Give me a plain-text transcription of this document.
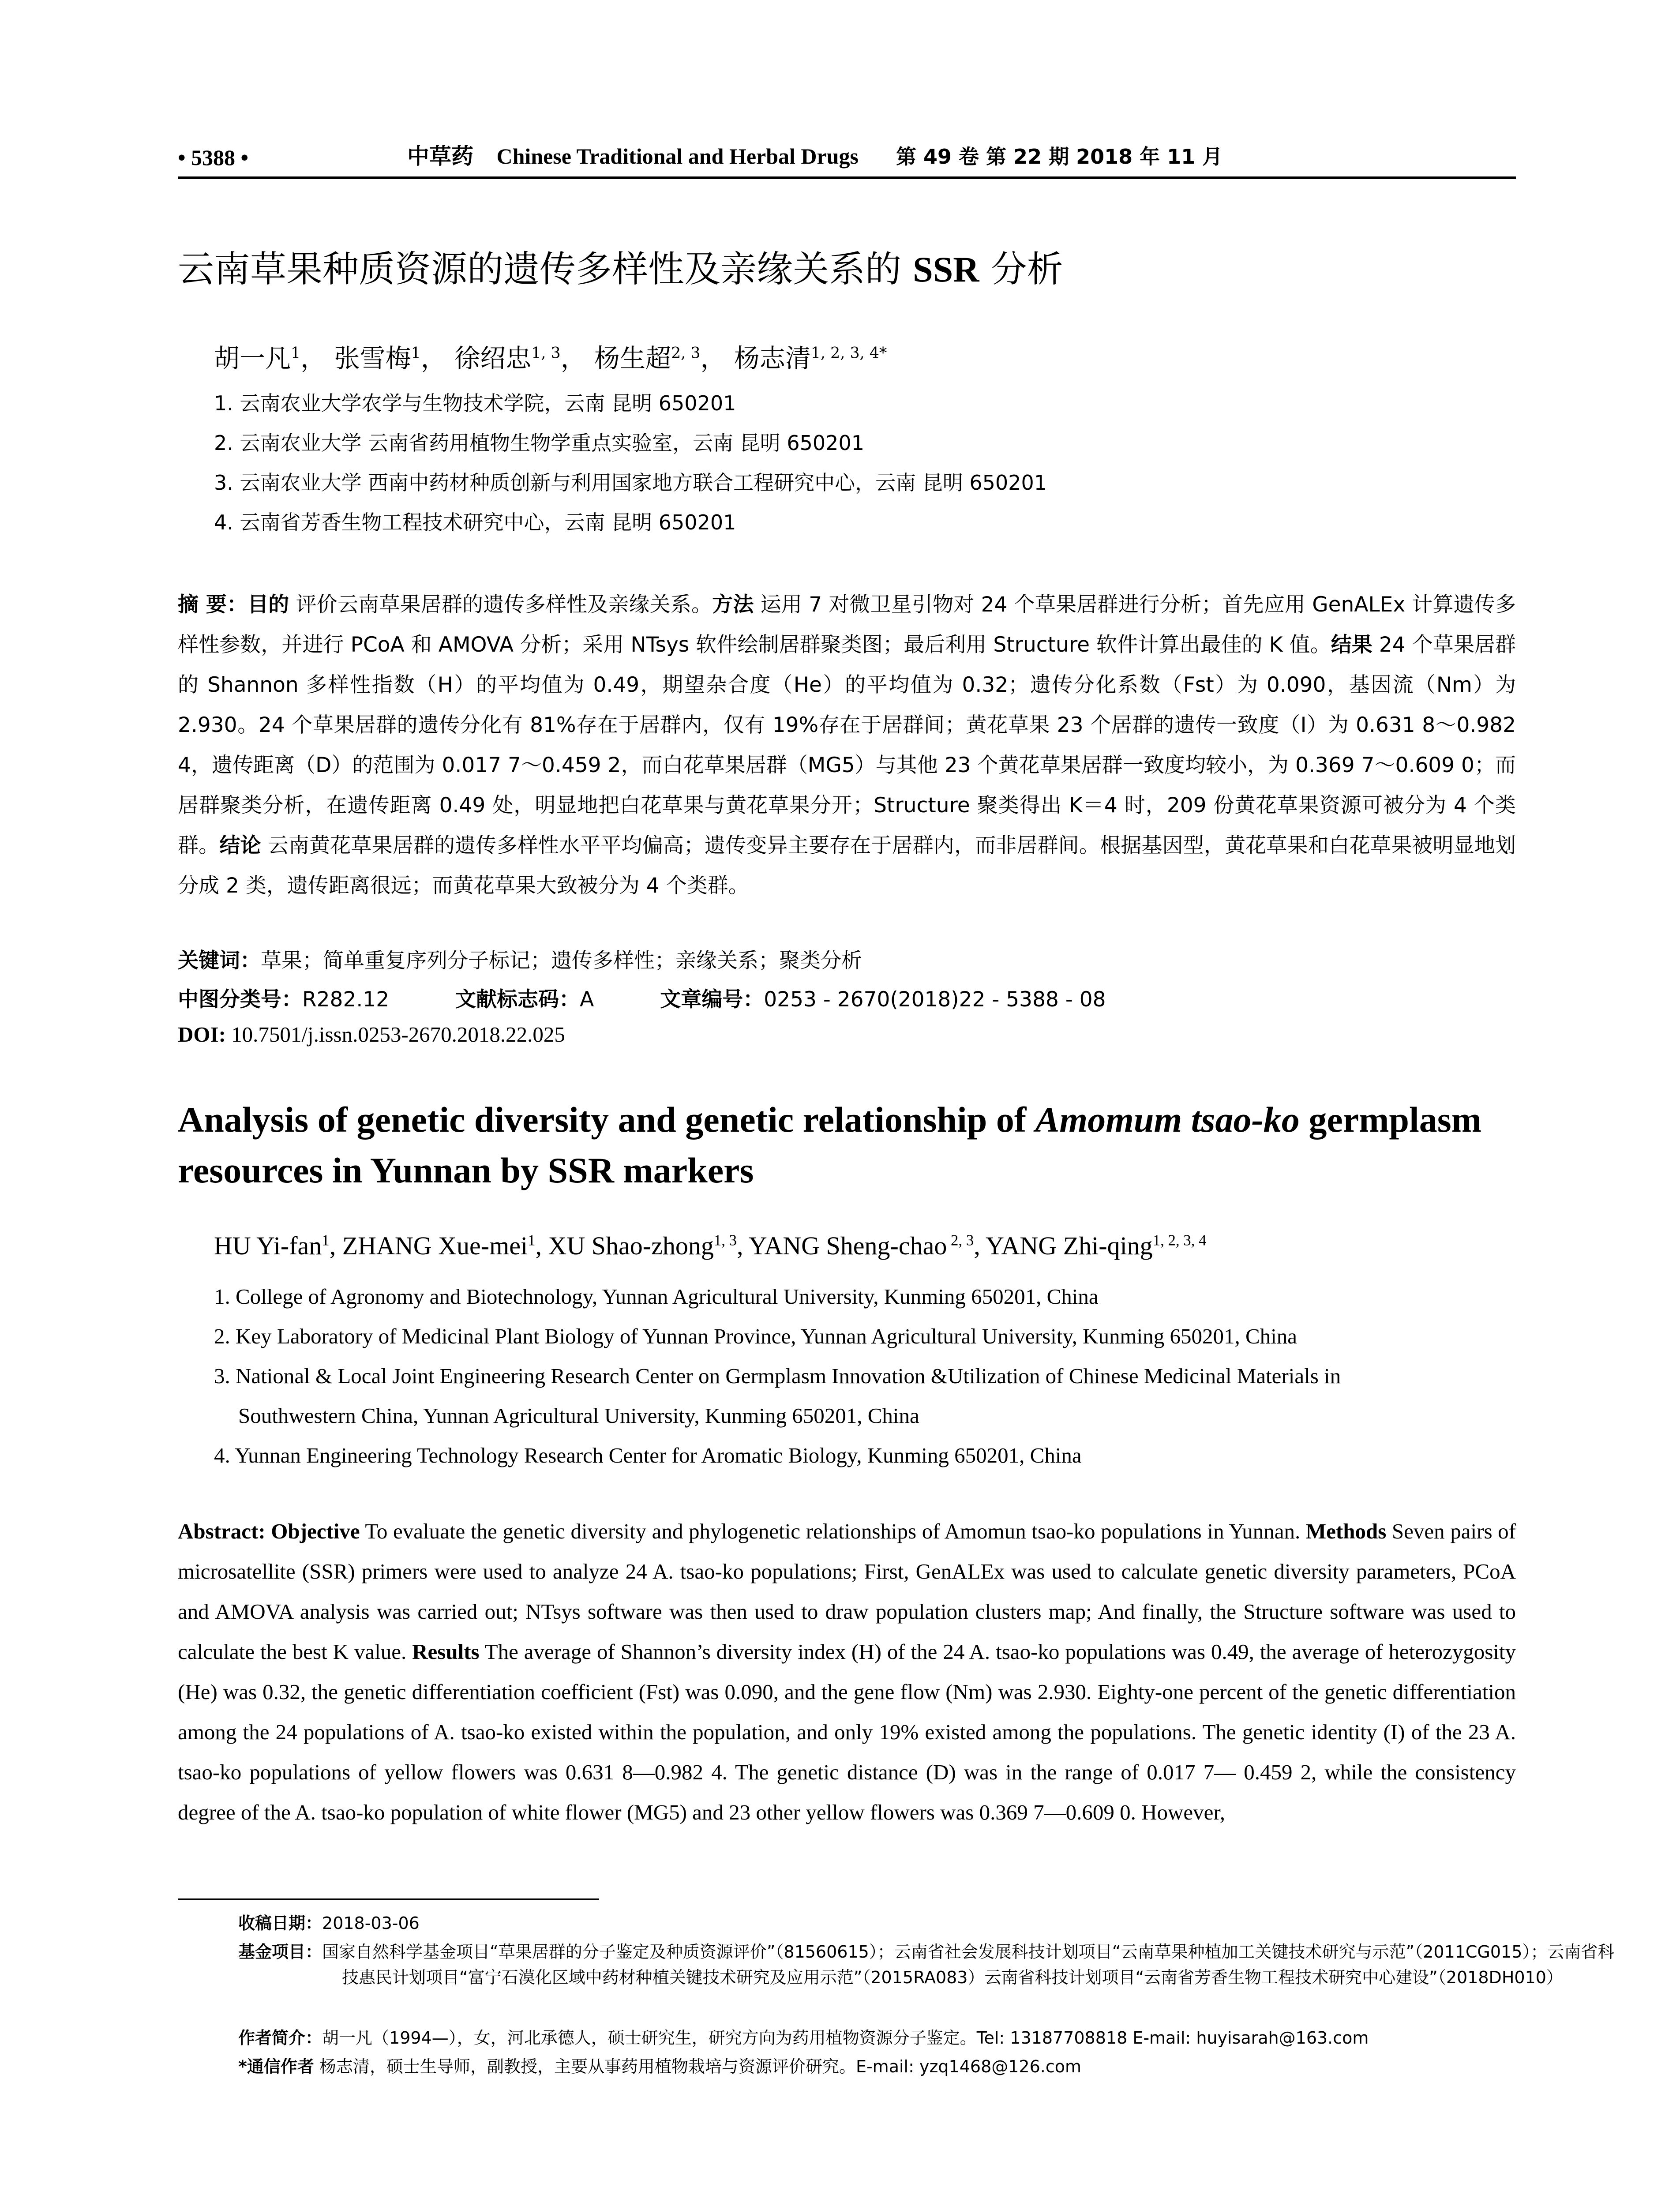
• 5388 •	中草药 Chinese Traditional and Herbal Drugs 第 49 卷 第 22 期 2018 年 11 月
云南草果种质资源的遗传多样性及亲缘关系的 SSR 分析
胡一凡$^1$， 张雪梅$^1$， 徐绍忠$^{1, 3}$， 杨生超$^{2, 3}$， 杨志清$^{1, 2, 3, 4*}$
1. 云南农业大学农学与生物技术学院，云南 昆明 650201
2. 云南农业大学 云南省药用植物生物学重点实验室，云南 昆明 650201
3. 云南农业大学 西南中药材种质创新与利用国家地方联合工程研究中心，云南 昆明 650201
4. 云南省芳香生物工程技术研究中心，云南 昆明 650201
摘 要：目的 评价云南草果居群的遗传多样性及亲缘关系。方法 运用 7 对微卫星引物对 24 个草果居群进行分析；首先应用 GenALEx 计算遗传多样性参数，并进行 PCoA 和 AMOVA 分析；采用 NTsys 软件绘制居群聚类图；最后利用 Structure 软件计算出最佳的 K 值。结果 24 个草果居群的 Shannon 多样性指数（H）的平均值为 0.49，期望杂合度（He）的平均值为 0.32；遗传分化系数（Fst）为 0.090，基因流（Nm）为 2.930。24 个草果居群的遗传分化有 81%存在于居群内，仅有 19%存在于居群间；黄花草果 23 个居群的遗传一致度（I）为 0.631 8～0.982 4，遗传距离（D）的范围为 0.017 7～0.459 2，而白花草果居群（MG5）与其他 23 个黄花草果居群一致度均较小，为 0.369 7～0.609 0；而居群聚类分析，在遗传距离 0.49 处，明显地把白花草果与黄花草果分开；Structure 聚类得出 K＝4 时，209 份黄花草果资源可被分为 4 个类群。结论 云南黄花草果居群的遗传多样性水平平均偏高；遗传变异主要存在于居群内，而非居群间。根据基因型，黄花草果和白花草果被明显地划分成 2 类，遗传距离很远；而黄花草果大致被分为 4 个类群。
关键词：草果；简单重复序列分子标记；遗传多样性；亲缘关系；聚类分析
中图分类号：R282.12	文献标志码：A	文章编号：0253 - 2670(2018)22 - 5388 - 08
DOI: 10.7501/j.issn.0253-2670.2018.22.025
Analysis of genetic diversity and genetic relationship of Amomum tsao-ko germplasm resources in Yunnan by SSR markers
HU Yi-fan$^1$, ZHANG Xue-mei$^1$, XU Shao-zhong$^{1, 3}$, YANG Sheng-chao $^{2, 3}$, YANG Zhi-qing$^{1, 2, 3, 4}$
1. College of Agronomy and Biotechnology, Yunnan Agricultural University, Kunming 650201, China
2. Key Laboratory of Medicinal Plant Biology of Yunnan Province, Yunnan Agricultural University, Kunming 650201, China
3. National & Local Joint Engineering Research Center on Germplasm Innovation &Utilization of Chinese Medicinal Materials in
Southwestern China, Yunnan Agricultural University, Kunming 650201, China
4. Yunnan Engineering Technology Research Center for Aromatic Biology, Kunming 650201, China
Abstract: Objective To evaluate the genetic diversity and phylogenetic relationships of Amomun tsao-ko populations in Yunnan. Methods Seven pairs of microsatellite (SSR) primers were used to analyze 24 A. tsao-ko populations; First, GenALEx was used to calculate genetic diversity parameters, PCoA and AMOVA analysis was carried out; NTsys software was then used to draw population clusters map; And finally, the Structure software was used to calculate the best K value. Results The average of Shannon’s diversity index (H) of the 24 A. tsao-ko populations was 0.49, the average of heterozygosity (He) was 0.32, the genetic differentiation coefficient (Fst) was 0.090, and the gene flow (Nm) was 2.930. Eighty-one percent of the genetic differentiation among the 24 populations of A. tsao-ko existed within the population, and only 19% existed among the populations. The genetic identity (I) of the 23 A. tsao-ko populations of yellow flowers was 0.631 8—0.982 4. The genetic distance (D) was in the range of 0.017 7— 0.459 2, while the consistency degree of the A. tsao-ko population of white flower (MG5) and 23 other yellow flowers was 0.369 7—0.609 0. However,
收稿日期：2018-03-06
基金项目：国家自然科学基金项目“草果居群的分子鉴定及种质资源评价”（81560615）；云南省社会发展科技计划项目“云南草果种植加工关键技术研究与示范”（2011CG015）；云南省科技惠民计划项目“富宁石漠化区域中药材种植关键技术研究及应用示范”（2015RA083）云南省科技计划项目“云南省芳香生物工程技术研究中心建设”（2018DH010）
作者简介：胡一凡（1994—），女，河北承德人，硕士研究生，研究方向为药用植物资源分子鉴定。Tel: 13187708818 E-mail: huyisarah@163.com
*通信作者 杨志清，硕士生导师，副教授，主要从事药用植物栽培与资源评价研究。E-mail: yzq1468@126.com
